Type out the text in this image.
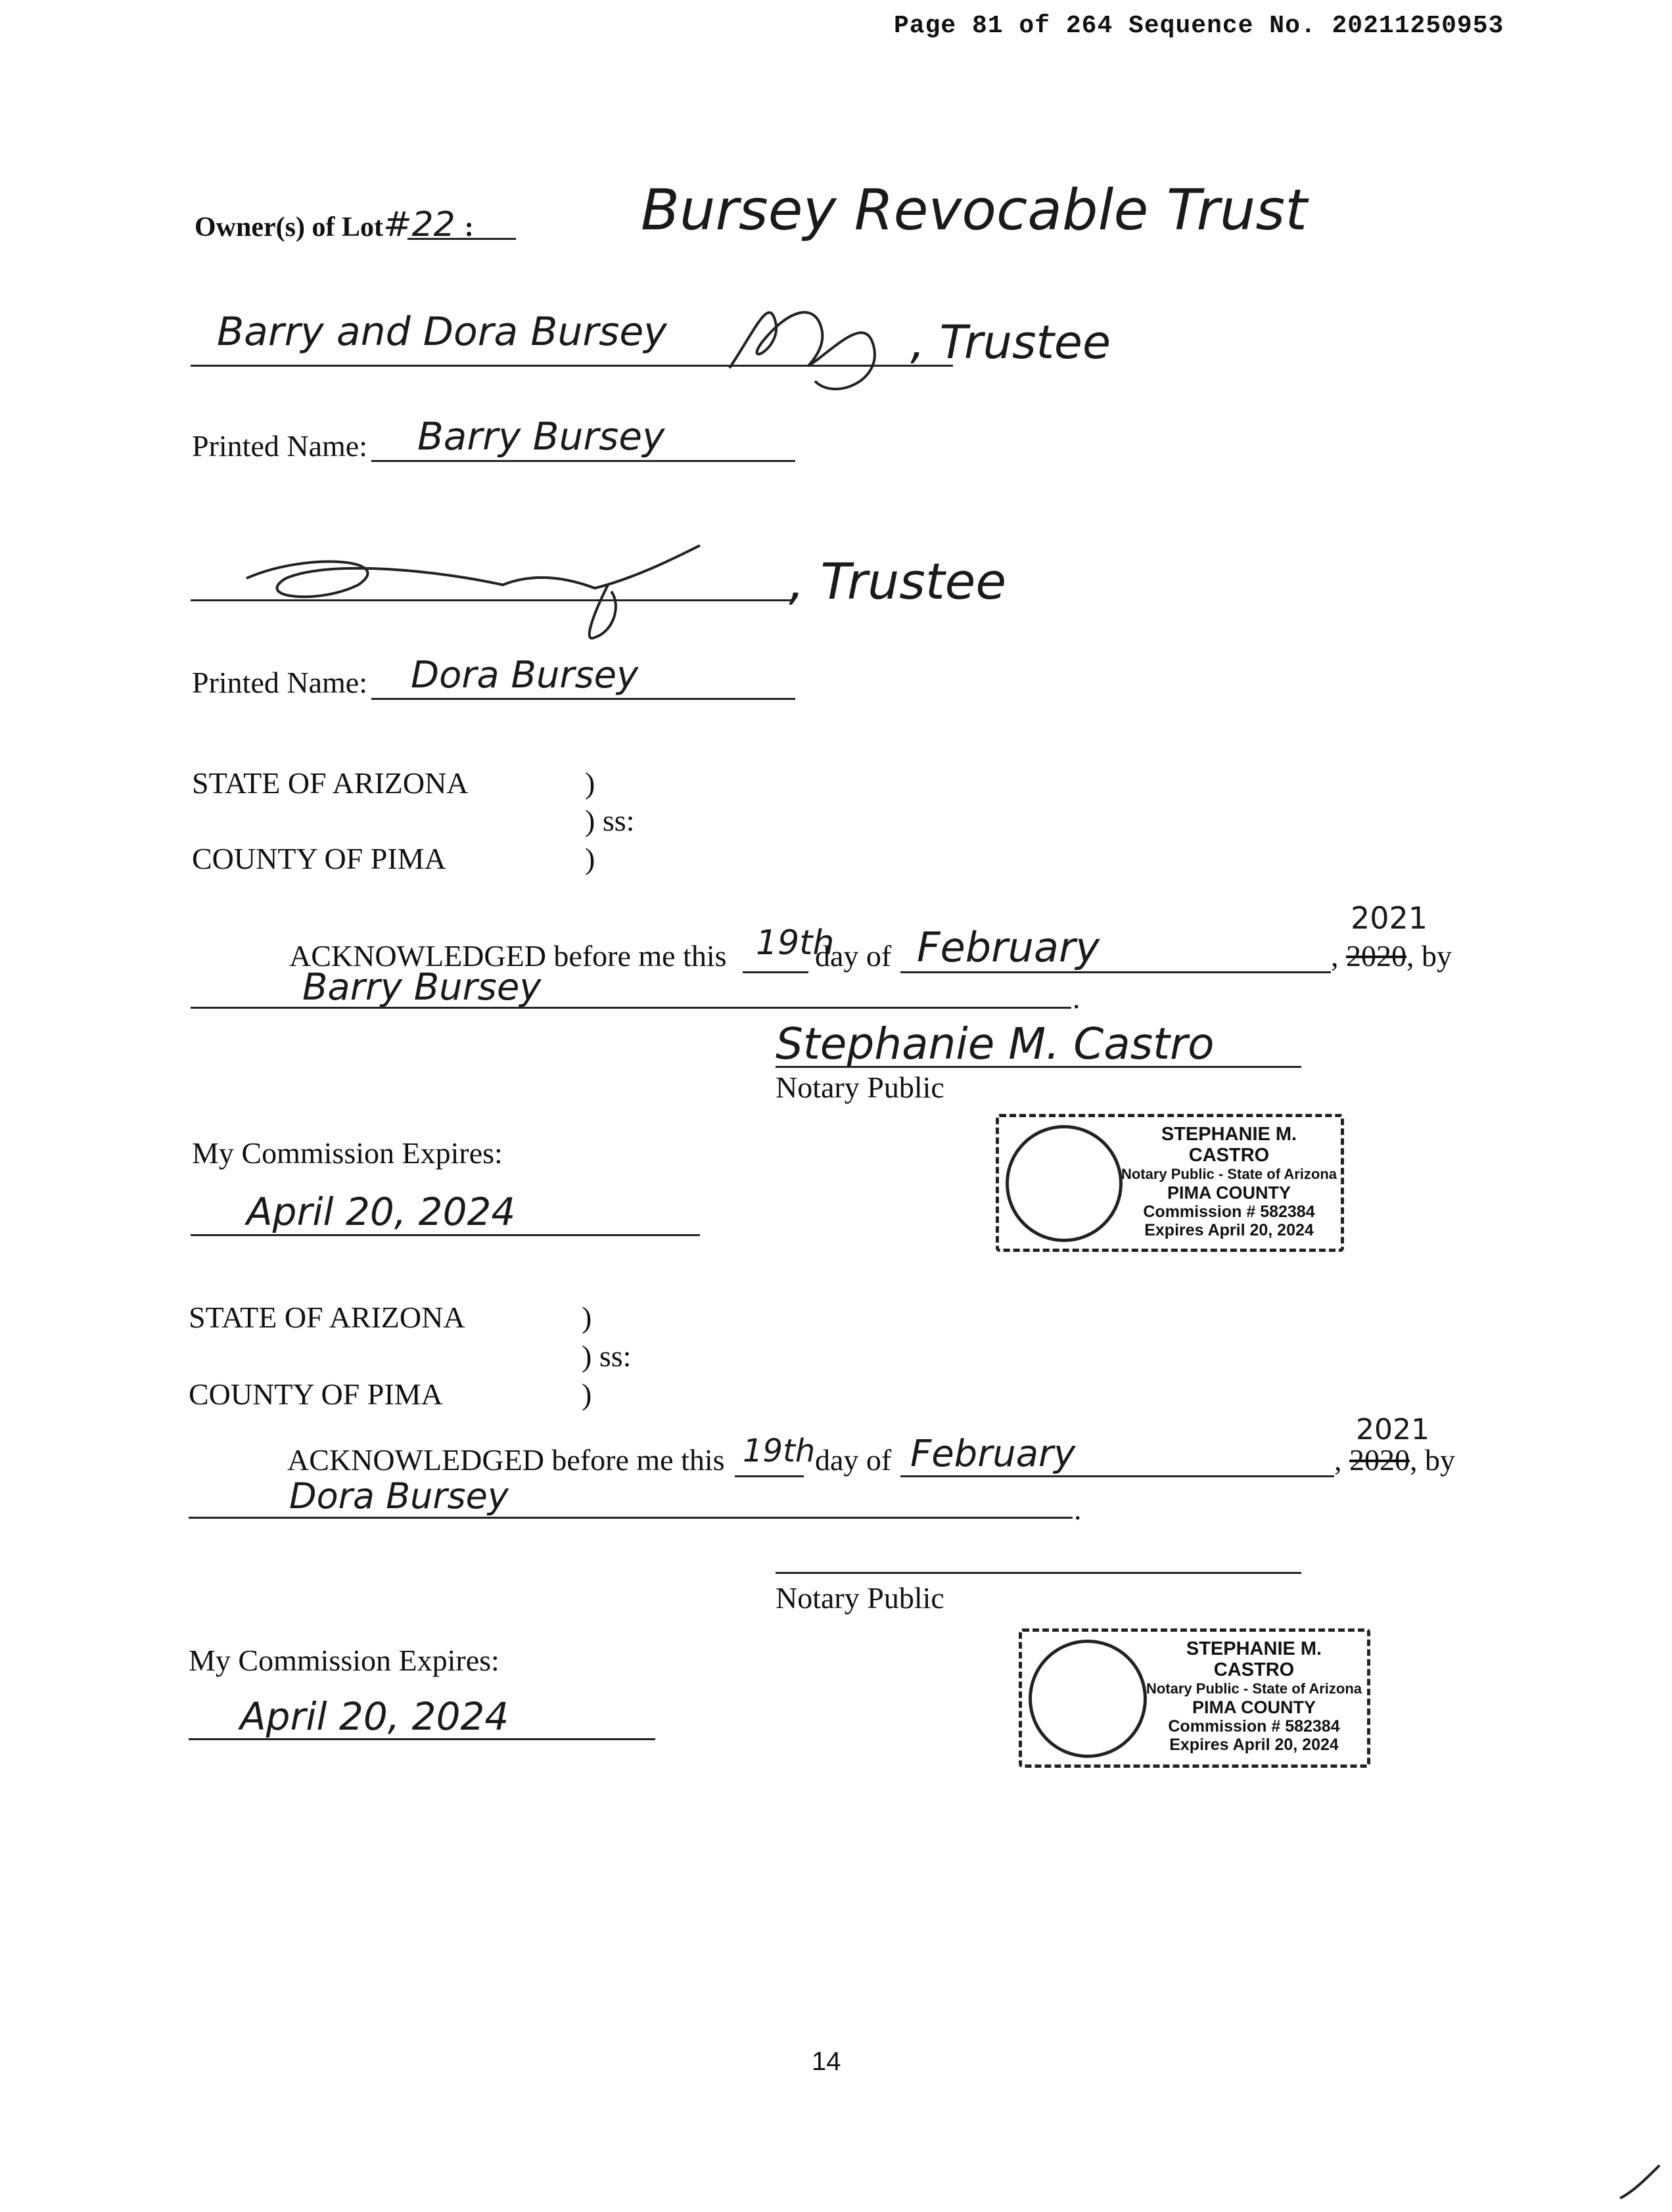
Page 81 of 264 Sequence No. 20211250953
Owner(s) of Lot#22 :	Bursey Revocable Trust
Barry and Dora Bursey	, Trustee
Printed Name: Barry Bursey
, Trustee
Printed Name: Dora Bursey
STATE OF ARIZONA	)
) ss:
COUNTY OF PIMA	)
ACKNOWLEDGED before me this 19th
day of February
2021
, 2020, by
Barry Bursey	.
Stephanie M. Castro
Notary Public
My Commission Expires:
April 20, 2024
STEPHANIE M. CASTRO
Notary Public - State of Arizona
PIMA COUNTY
Commission # 582384
Expires April 20, 2024
STATE OF ARIZONA	)
) ss:
COUNTY OF PIMA	)
ACKNOWLEDGED before me this 19th day of February
2021
, 2020, by
Dora Bursey	.
Notary Public
My Commission Expires:
April 20, 2024
STEPHANIE M. CASTRO
Notary Public - State of Arizona
PIMA COUNTY
Commission # 582384
Expires April 20, 2024
14
